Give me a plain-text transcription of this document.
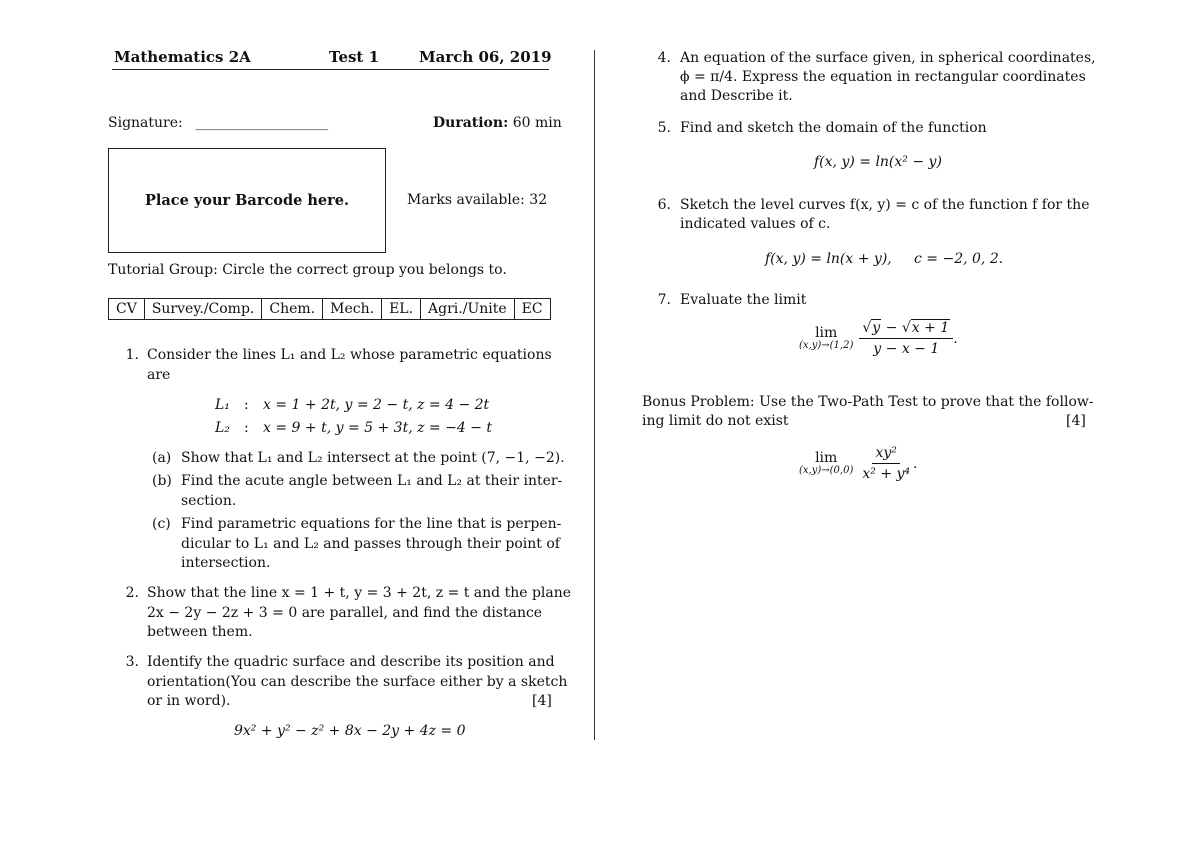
Mathematics 2A	Test 1	March 06, 2019
Signature: ______________________	Duration: 60 min
Place your Barcode here.	Marks available: 32
Tutorial Group: Circle the correct group you belongs to.
CV	Survey./Comp.	Chem.	Mech.	EL.	Agri./Unite	EC
1. Consider the lines L₁ and L₂ whose parametric equations
are
L₁ : x = 1 + 2t, y = 2 − t, z = 4 − 2t
L₂ : x = 9 + t, y = 5 + 3t, z = −4 − t
(a) Show that L₁ and L₂ intersect at the point (7, −1, −2).
(b) Find the acute angle between L₁ and L₂ at their inter-
section.
(c) Find parametric equations for the line that is perpen-
dicular to L₁ and L₂ and passes through their point of
intersection.
2. Show that the line x = 1 + t, y = 3 + 2t, z = t and the plane
2x − 2y − 2z + 3 = 0 are parallel, and find the distance
between them.
3. Identify the quadric surface and describe its position and
orientation(You can describe the surface either by a sketch
or in word).	[4]
9x² + y² − z² + 8x − 2y + 4z = 0
4. An equation of the surface given, in spherical coordinates,
ϕ = π/4. Express the equation in rectangular coordinates
and Describe it.
5. Find and sketch the domain of the function
f(x, y) = ln(x² − y)
6. Sketch the level curves f(x, y) = c of the function f for the
indicated values of c.
f(x, y) = ln(x + y),     c = −2, 0, 2.
7. Evaluate the limit
lim
$(x,y)\to(1,2) \frac{√y - √x + 1}{y - x - 1}$ .
Bonus Problem: Use the Two-Path Test to prove that the follow-
ing limit do not exist	[4]
lim
$(x,y)\to(0,0) \frac{\text{xy²}}{\text{x² + y⁴}}$ .
